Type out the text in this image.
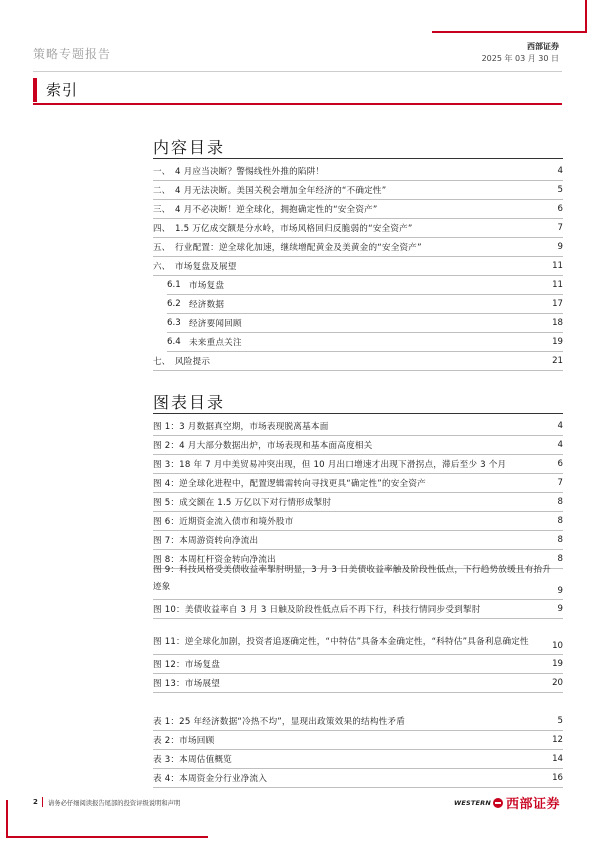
策略专题报告
西部证券
2025 年 03 月 30 日
索引
内容目录
一、 4 月应当决断？警惕线性外推的陷阱！	4
二、 4 月无法决断。美国关税会增加全年经济的“不确定性”	5
三、 4 月不必决断！逆全球化，拥抱确定性的“安全资产”	6
四、 1.5 万亿成交额是分水岭，市场风格回归反脆弱的“安全资产”	7
五、 行业配置：逆全球化加速，继续增配黄金及美黄金的“安全资产”	9
六、 市场复盘及展望	11
6.1 市场复盘	11
6.2 经济数据	17
6.3 经济要闻回顾	18
6.4 未来重点关注	19
七、 风险提示	21
图表目录
图 1：3 月数据真空期，市场表现脱离基本面	4
图 2：4 月大部分数据出炉，市场表现和基本面高度相关	4
图 3：18 年 7 月中美贸易冲突出现，但 10 月出口增速才出现下滑拐点，滞后至少 3 个月	6
图 4：逆全球化进程中，配置逻辑需转向寻找更具“确定性”的安全资产	7
图 5：成交额在 1.5 万亿以下对行情形成掣肘	8
图 6：近期资金流入债市和境外股市	8
图 7：本周游资转向净流出	8
图 8：本周杠杆资金转向净流出	8
图 9：科技风格受美债收益率掣肘明显，3 月 3 日美债收益率触及阶段性低点，下行趋势放缓且有抬升迹象	9
图 10：美债收益率自 3 月 3 日触及阶段性低点后不再下行，科技行情同步受到掣肘	9
图 11：逆全球化加剧，投资者追逐确定性，“中特估”具备本金确定性，“科特估”具备利息确定性	10
图 12：市场复盘	19
图 13：市场展望	20
表 1：25 年经济数据“冷热不均”，显现出政策效果的结构性矛盾	5
表 2：市场回顾	12
表 3：本周估值概览	14
表 4：本周资金分行业净流入	16
2 请务必仔细阅读报告尾部的投资评级说明和声明	WESTERN 西部证券
